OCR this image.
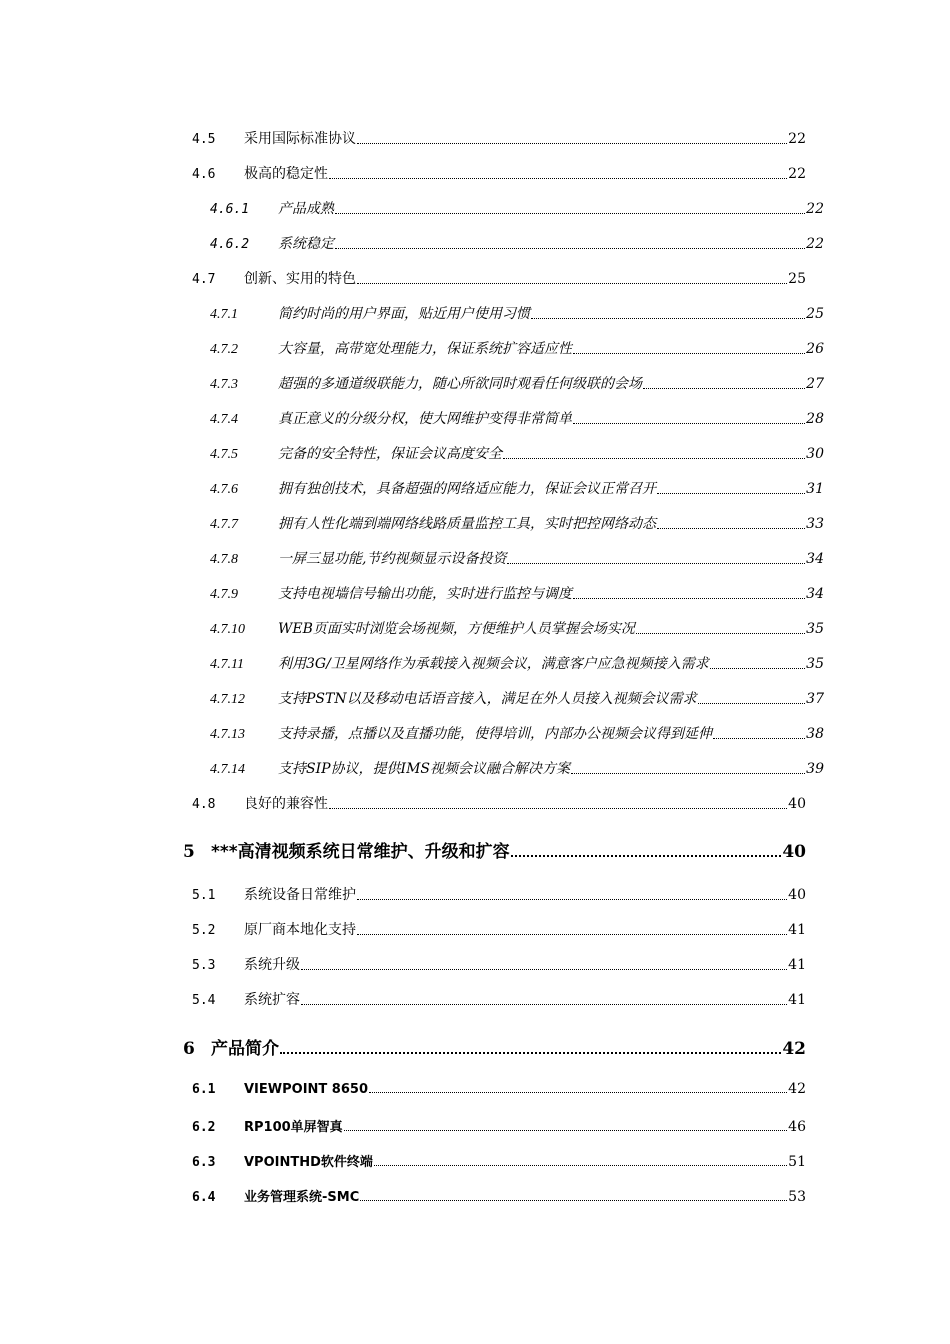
4.5	采用国际标准协议	22
4.6	极高的稳定性	22
4.6.1	产品成熟	22
4.6.2	系统稳定	22
4.7	创新、实用的特色	25
4.7.1	简约时尚的用户界面，贴近用户使用习惯	25
4.7.2	大容量，高带宽处理能力，保证系统扩容适应性	26
4.7.3	超强的多通道级联能力，随心所欲同时观看任何级联的会场	27
4.7.4	真正意义的分级分权，使大网维护变得非常简单	28
4.7.5	完备的安全特性，保证会议高度安全	30
4.7.6	拥有独创技术，具备超强的网络适应能力，保证会议正常召开	31
4.7.7	拥有人性化端到端网络线路质量监控工具，实时把控网络动态	33
4.7.8	一屏三显功能,节约视频显示设备投资	34
4.7.9	支持电视墙信号输出功能，实时进行监控与调度	34
4.7.10	WEB页面实时浏览会场视频，方便维护人员掌握会场实况	35
4.7.11	利用3G/卫星网络作为承载接入视频会议，满意客户应急视频接入需求	35
4.7.12	支持PSTN以及移动电话语音接入，满足在外人员接入视频会议需求	37
4.7.13	支持录播，点播以及直播功能，使得培训，内部办公视频会议得到延伸	38
4.7.14	支持SIP协议，提供IMS视频会议融合解决方案	39
4.8	良好的兼容性	40
5 ***高清视频系统日常维护、升级和扩容	40
5.1	系统设备日常维护	40
5.2	原厂商本地化支持	41
5.3	系统升级	41
5.4	系统扩容	41
6 产品简介	42
6.1	VIEWPOINT 8650	42
6.2	RP100单屏智真	46
6.3	VPOINTHD软件终端	51
6.4	业务管理系统-SMC	53
